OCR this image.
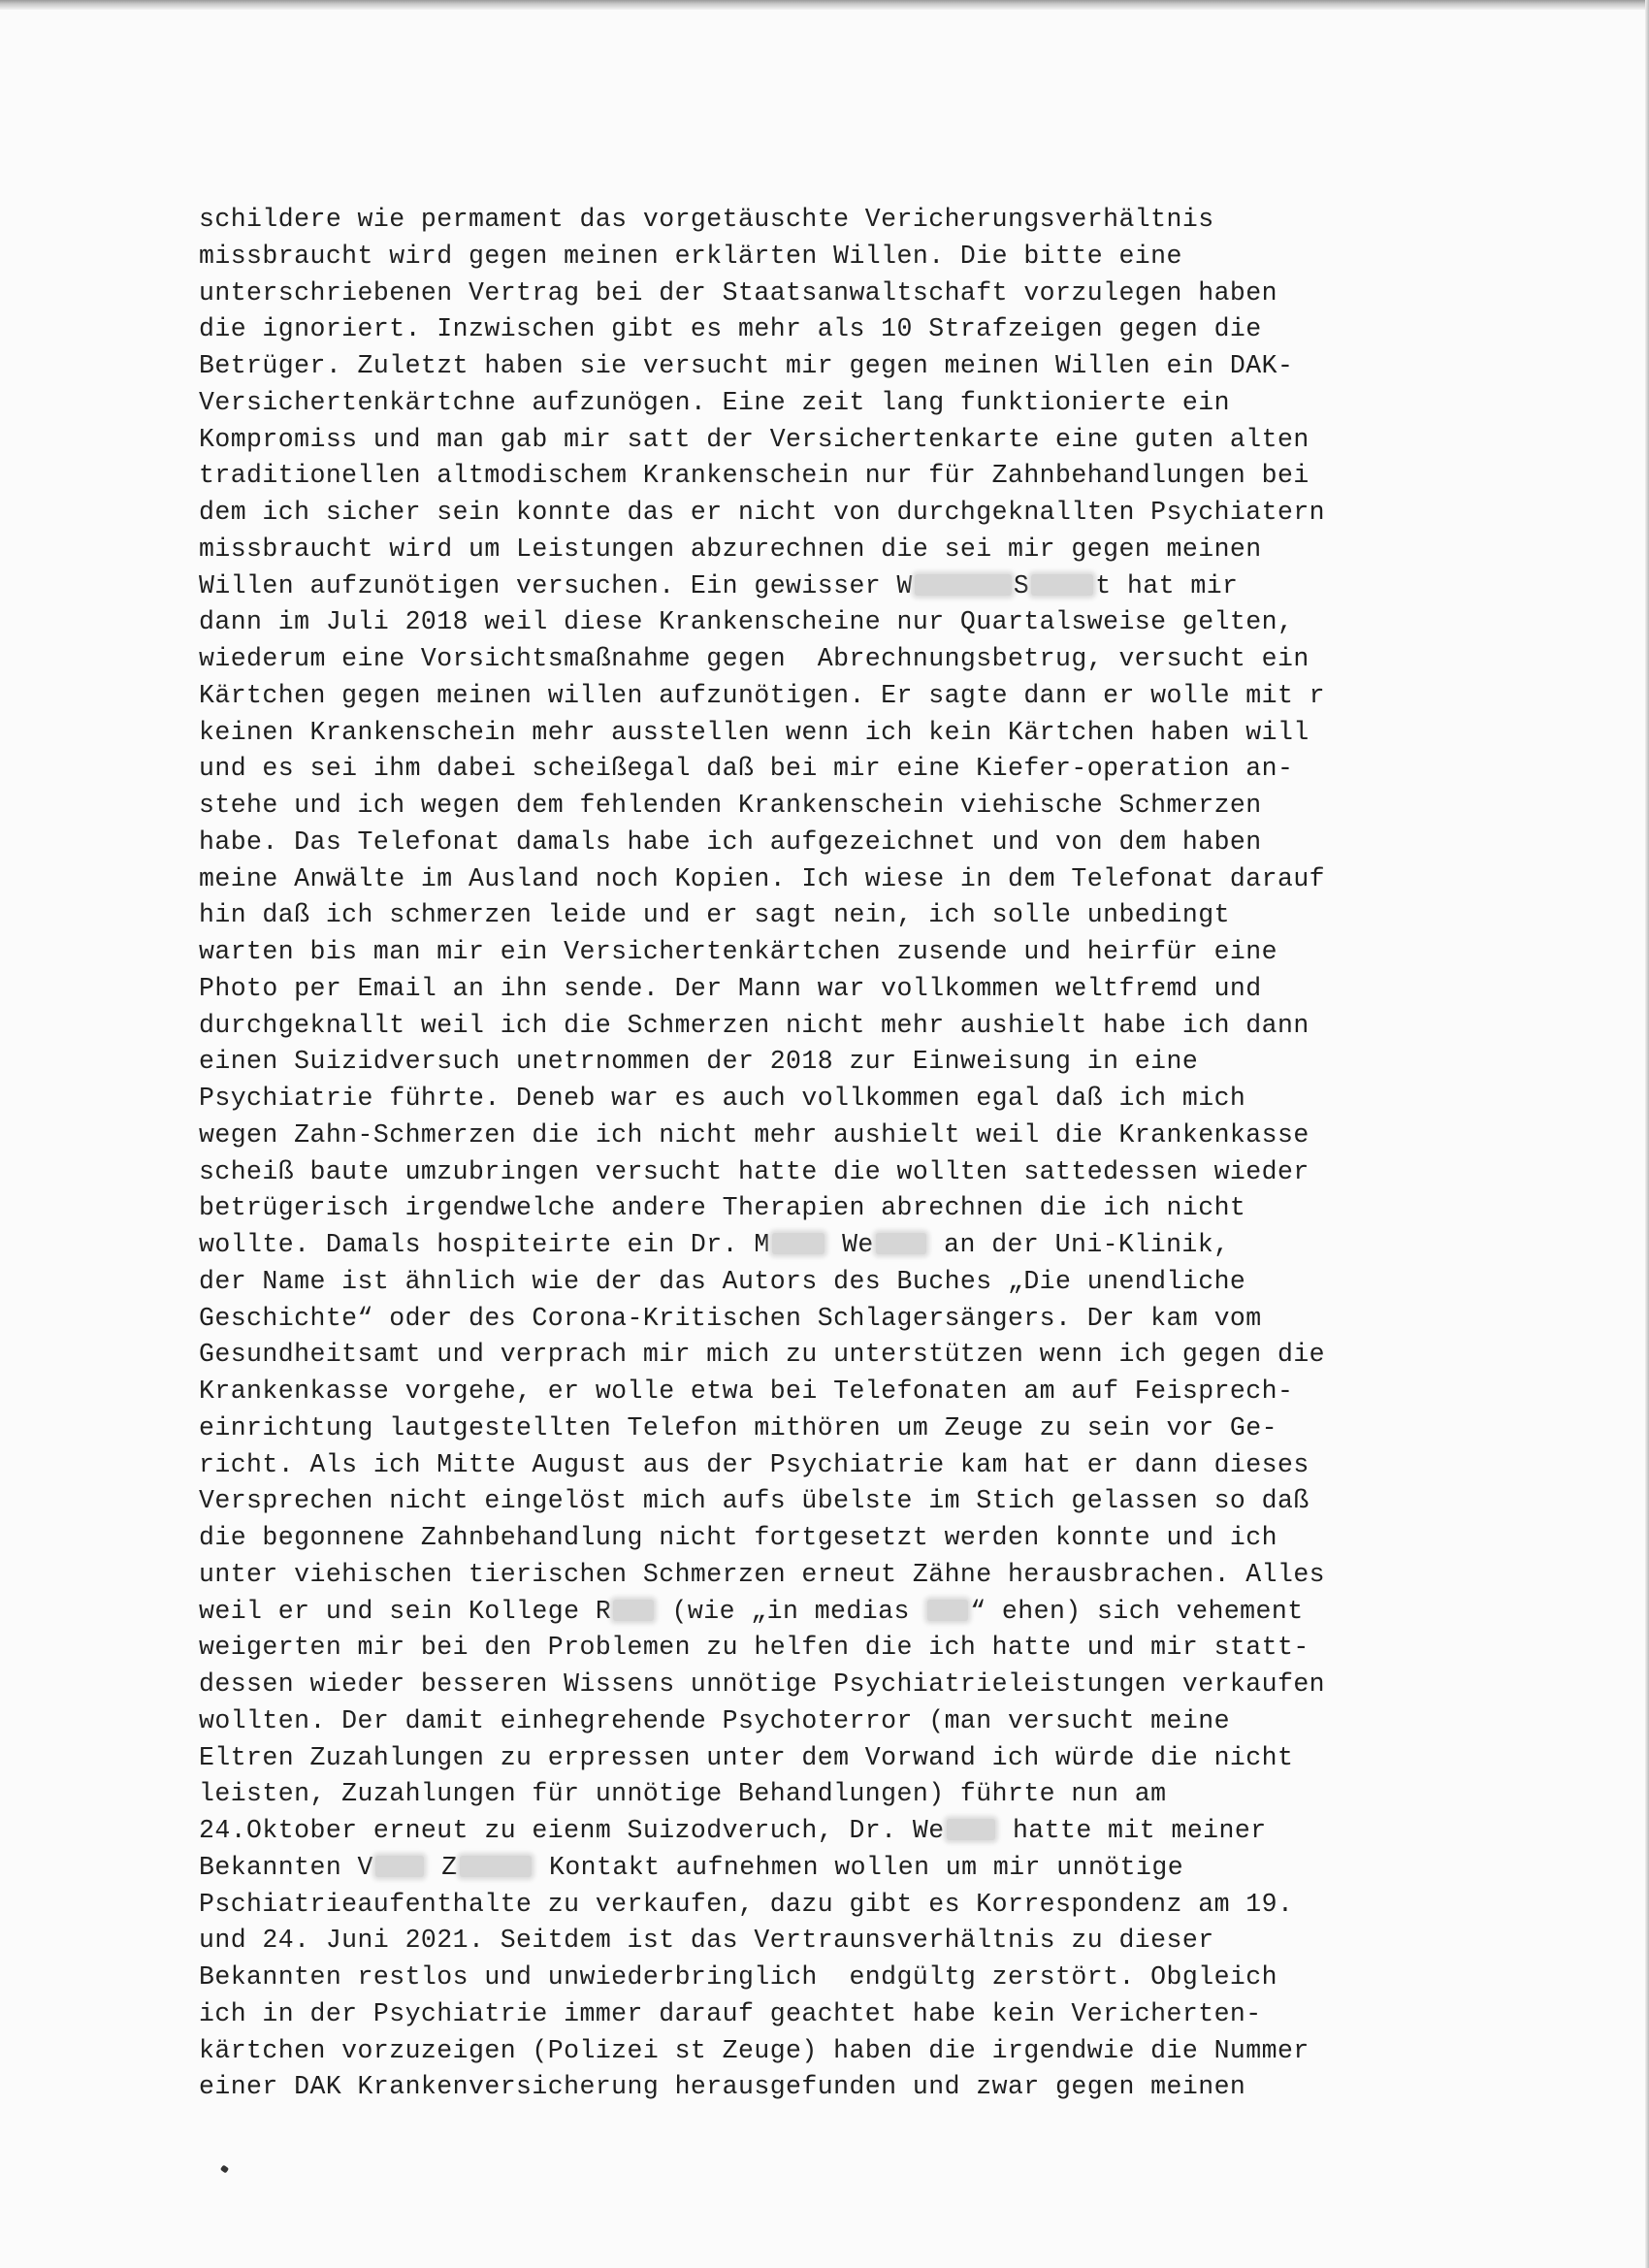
schildere wie permament das vorgetäuschte Vericherungsverhältnis
missbraucht wird gegen meinen erklärten Willen. Die bitte eine
unterschriebenen Vertrag bei der Staatsanwaltschaft vorzulegen haben
die ignoriert. Inzwischen gibt es mehr als 10 Strafzeigen gegen die
Betrüger. Zuletzt haben sie versucht mir gegen meinen Willen ein DAK-
Versichertenkärtchne aufzunögen. Eine zeit lang funktionierte ein
Kompromiss und man gab mir satt der Versichertenkarte eine guten alten
traditionellen altmodischem Krankenschein nur für Zahnbehandlungen bei
dem ich sicher sein konnte das er nicht von durchgeknallten Psychiatern
missbraucht wird um Leistungen abzurechnen die sei mir gegen meinen
Willen aufzunötigen versuchen. Ein gewisser W	S	t hat mir
dann im Juli 2018 weil diese Krankenscheine nur Quartalsweise gelten,
wiederum eine Vorsichtsmaßnahme gegen  Abrechnungsbetrug, versucht ein
Kärtchen gegen meinen willen aufzunötigen. Er sagte dann er wolle mit r
keinen Krankenschein mehr ausstellen wenn ich kein Kärtchen haben will
und es sei ihm dabei scheißegal daß bei mir eine Kiefer-operation an-
stehe und ich wegen dem fehlenden Krankenschein viehische Schmerzen
habe. Das Telefonat damals habe ich aufgezeichnet und von dem haben
meine Anwälte im Ausland noch Kopien. Ich wiese in dem Telefonat darauf
hin daß ich schmerzen leide und er sagt nein, ich solle unbedingt
warten bis man mir ein Versichertenkärtchen zusende und heirfür eine
Photo per Email an ihn sende. Der Mann war vollkommen weltfremd und
durchgeknallt weil ich die Schmerzen nicht mehr aushielt habe ich dann
einen Suizidversuch unetrnommen der 2018 zur Einweisung in eine
Psychiatrie führte. Deneb war es auch vollkommen egal daß ich mich
wegen Zahn-Schmerzen die ich nicht mehr aushielt weil die Krankenkasse
scheiß baute umzubringen versucht hatte die wollten sattedessen wieder
betrügerisch irgendwelche andere Therapien abrechnen die ich nicht
wollte. Damals hospiteirte ein Dr. M	We	an der Uni-Klinik,
der Name ist ähnlich wie der das Autors des Buches „Die unendliche
Geschichte“ oder des Corona-Kritischen Schlagersängers. Der kam vom
Gesundheitsamt und verprach mir mich zu unterstützen wenn ich gegen die
Krankenkasse vorgehe, er wolle etwa bei Telefonaten am auf Feisprech-
einrichtung lautgestellten Telefon mithören um Zeuge zu sein vor Ge-
richt. Als ich Mitte August aus der Psychiatrie kam hat er dann dieses
Versprechen nicht eingelöst mich aufs übelste im Stich gelassen so daß
die begonnene Zahnbehandlung nicht fortgesetzt werden konnte und ich
unter viehischen tierischen Schmerzen erneut Zähne herausbrachen. Alles
weil er und sein Kollege R (wie „in medias “ ehen) sich vehement
weigerten mir bei den Problemen zu helfen die ich hatte und mir statt-
dessen wieder besseren Wissens unnötige Psychiatrieleistungen verkaufen
wollten. Der damit einhegrehende Psychoterror (man versucht meine
Eltren Zuzahlungen zu erpressen unter dem Vorwand ich würde die nicht
leisten, Zuzahlungen für unnötige Behandlungen) führte nun am
24.Oktober erneut zu eienm Suizodveruch, Dr. We	hatte mit meiner
Bekannten V	Z	Kontakt aufnehmen wollen um mir unnötige
Pschiatrieaufenthalte zu verkaufen, dazu gibt es Korrespondenz am 19.
und 24. Juni 2021. Seitdem ist das Vertraunsverhältnis zu dieser
Bekannten restlos und unwiederbringlich  endgültg zerstört. Obgleich
ich in der Psychiatrie immer darauf geachtet habe kein Vericherten-
kärtchen vorzuzeigen (Polizei st Zeuge) haben die irgendwie die Nummer
einer DAK Krankenversicherung herausgefunden und zwar gegen meinen
